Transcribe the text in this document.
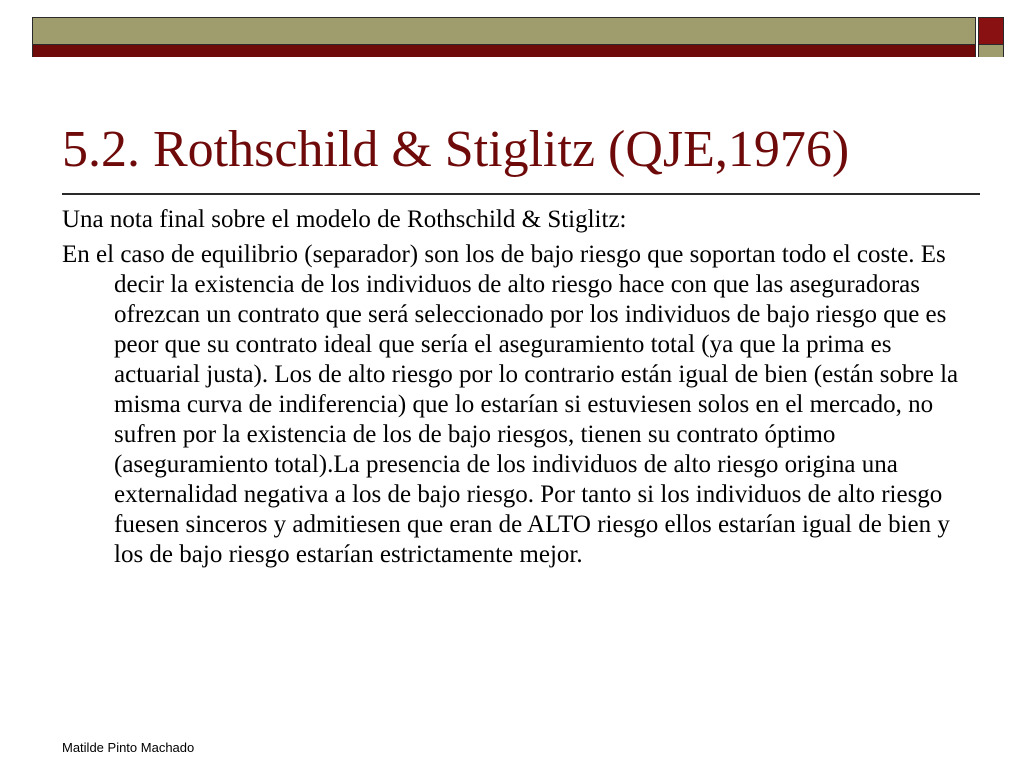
5.2. Rothschild & Stiglitz (QJE,1976)

Una nota final sobre el modelo de Rothschild & Stiglitz:

En el caso de equilibrio (separador) son los de bajo riesgo que soportan todo el coste. Es decir la existencia de los individuos de alto riesgo hace con que las aseguradoras ofrezcan un contrato que será seleccionado por los individuos de bajo riesgo que es peor que su contrato ideal que sería el aseguramiento total (ya que la prima es actuarial justa). Los de alto riesgo por lo contrario están igual de bien (están sobre la misma curva de indiferencia) que lo estarían si estuviesen solos en el mercado, no sufren por la existencia de los de bajo riesgos, tienen su contrato óptimo (aseguramiento total).La presencia de los individuos de alto riesgo origina una externalidad negativa a los de bajo riesgo. Por tanto si los individuos de alto riesgo fuesen sinceros y admitiesen que eran de ALTO riesgo ellos estarían igual de bien y los de bajo riesgo estarían estrictamente mejor.

Matilde Pinto Machado
